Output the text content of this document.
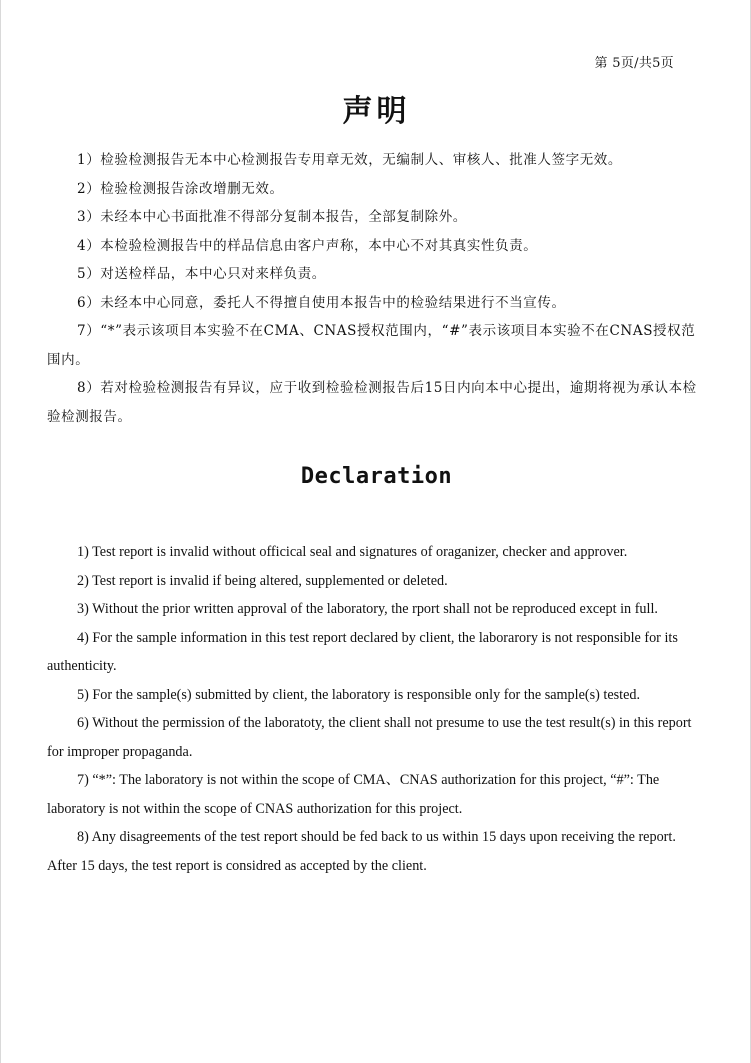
第 5页/共5页
声明

1）检验检测报告无本中心检测报告专用章无效，无编制人、审核人、批准人签字无效。

2）检验检测报告涂改增删无效。

3）未经本中心书面批准不得部分复制本报告，全部复制除外。

4）本检验检测报告中的样品信息由客户声称，本中心不对其真实性负责。

5）对送检样品，本中心只对来样负责。

6）未经本中心同意，委托人不得擅自使用本报告中的检验结果进行不当宣传。

7）“*”表示该项目本实验不在CMA、CNAS授权范围内，“#”表示该项目本实验不在CNAS授权范围内。

8）若对检验检测报告有异议，应于收到检验检测报告后15日内向本中心提出，逾期将视为承认本检验检测报告。

Declaration

1) Test report is invalid without officical seal and signatures of oraganizer, checker and approver.

2) Test report is invalid if being altered, supplemented or deleted.

3) Without the prior written approval of the laboratory, the rport shall not be reproduced except in full.

4) For the sample information in this test report declared by client, the laborarory is not responsible for its authenticity.

5) For the sample(s) submitted by client, the laboratory is responsible only for the sample(s) tested.

6) Without the permission of the laboratoty, the client shall not presume to use the test result(s) in this report for improper propaganda.

7) “*”: The laboratory is not within the scope of CMA、CNAS authorization for this project, “#”: The laboratory is not within the scope of CNAS authorization for this project.

8) Any disagreements of the test report should be fed back to us within 15 days upon receiving the report. After 15 days, the test report is considred as accepted by the client.
